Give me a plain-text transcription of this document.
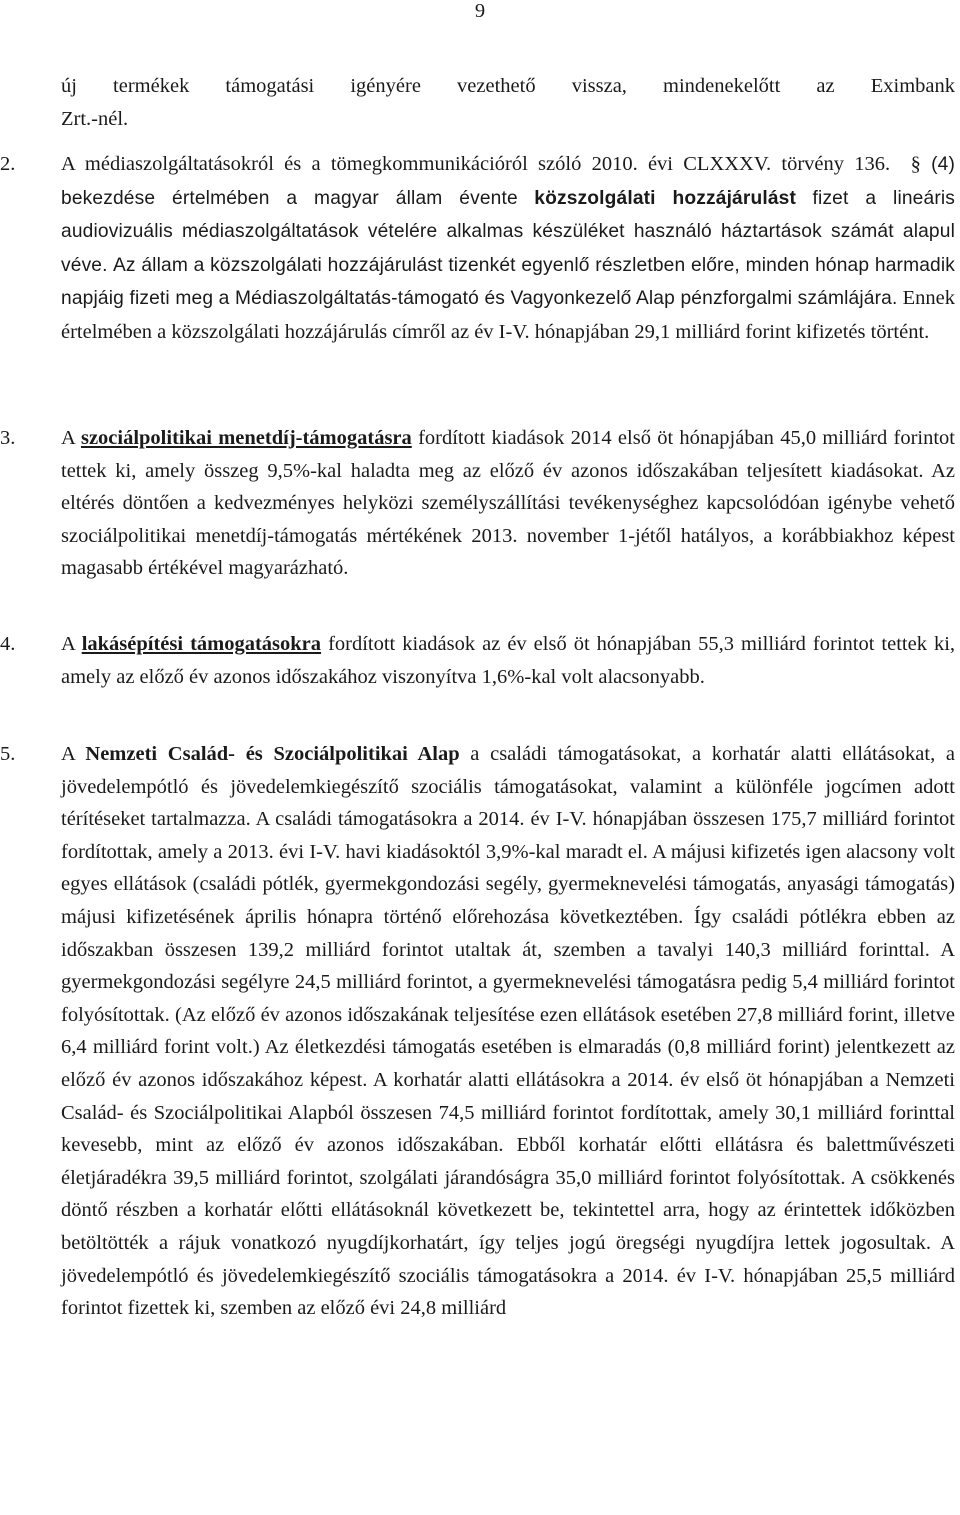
9
új termékek támogatási igényére vezethető vissza, mindenekelőtt az Eximbank
Zrt.-nél.
2. A médiaszolgáltatásokról és a tömegkommunikációról szóló 2010. évi CLXXXV. törvény 136. § (4) bekezdése értelmében a magyar állam évente közszolgálati hozzájárulást fizet a lineáris audiovizuális médiaszolgáltatások vételére alkalmas készüléket használó háztartások számát alapul véve. Az állam a közszolgálati hozzájárulást tizenkét egyenlő részletben előre, minden hónap harmadik napjáig fizeti meg a Médiaszolgáltatás-támogató és Vagyonkezelő Alap pénzforgalmi számlájára. Ennek értelmében a közszolgálati hozzájárulás címről az év I-V. hónapjában 29,1 milliárd forint kifizetés történt.
3. A szociálpolitikai menetdíj-támogatásra fordított kiadások 2014 első öt hónapjában 45,0 milliárd forintot tettek ki, amely összeg 9,5%-kal haladta meg az előző év azonos időszakában teljesített kiadásokat. Az eltérés döntően a kedvezményes helyközi személyszállítási tevékenységhez kapcsolódóan igénybe vehető szociálpolitikai menetdíj-támogatás mértékének 2013. november 1-jétől hatályos, a korábbiakhoz képest magasabb értékével magyarázható.
4. A lakásépítési támogatásokra fordított kiadások az év első öt hónapjában 55,3 milliárd forintot tettek ki, amely az előző év azonos időszakához viszonyítva 1,6%-kal volt alacsonyabb.
5. A Nemzeti Család- és Szociálpolitikai Alap a családi támogatásokat, a korhatár alatti ellátásokat, a jövedelempótló és jövedelemkiegészítő szociális támogatásokat, valamint a különféle jogcímen adott térítéseket tartalmazza. A családi támogatásokra a 2014. év I-V. hónapjában összesen 175,7 milliárd forintot fordítottak, amely a 2013. évi I-V. havi kiadásoktól 3,9%-kal maradt el. A májusi kifizetés igen alacsony volt egyes ellátások (családi pótlék, gyermekgondozási segély, gyermeknevelési támogatás, anyasági támogatás) májusi kifizetésének április hónapra történő előrehozása következtében. Így családi pótlékra ebben az időszakban összesen 139,2 milliárd forintot utaltak át, szemben a tavalyi 140,3 milliárd forinttal. A gyermekgondozási segélyre 24,5 milliárd forintot, a gyermeknevelési támogatásra pedig 5,4 milliárd forintot folyósítottak. (Az előző év azonos időszakának teljesítése ezen ellátások esetében 27,8 milliárd forint, illetve 6,4 milliárd forint volt.) Az életkezdési támogatás esetében is elmaradás (0,8 milliárd forint) jelentkezett az előző év azonos időszakához képest. A korhatár alatti ellátásokra a 2014. év első öt hónapjában a Nemzeti Család- és Szociálpolitikai Alapból összesen 74,5 milliárd forintot fordítottak, amely 30,1 milliárd forinttal kevesebb, mint az előző év azonos időszakában. Ebből korhatár előtti ellátásra és balettművészeti életjáradékra 39,5 milliárd forintot, szolgálati járandóságra 35,0 milliárd forintot folyósítottak. A csökkenés döntő részben a korhatár előtti ellátásoknál következett be, tekintettel arra, hogy az érintettek időközben betöltötték a rájuk vonatkozó nyugdíjkorhatárt, így teljes jogú öregségi nyugdíjra lettek jogosultak. A jövedelempótló és jövedelemkiegészítő szociális támogatásokra a 2014. év I-V. hónapjában 25,5 milliárd forintot fizettek ki, szemben az előző évi 24,8 milliárd
